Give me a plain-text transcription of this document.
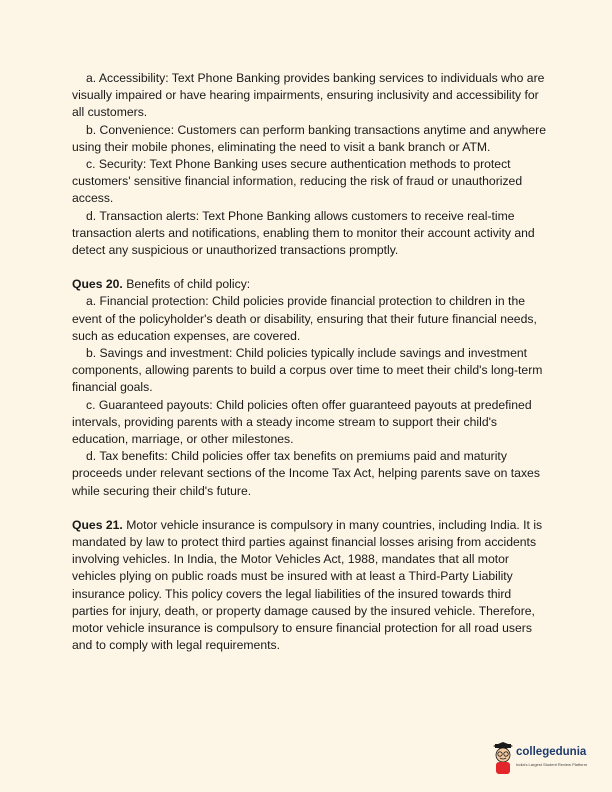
a. Accessibility: Text Phone Banking provides banking services to individuals who are visually impaired or have hearing impairments, ensuring inclusivity and accessibility for all customers.

b. Convenience: Customers can perform banking transactions anytime and anywhere using their mobile phones, eliminating the need to visit a bank branch or ATM.

c. Security: Text Phone Banking uses secure authentication methods to protect customers' sensitive financial information, reducing the risk of fraud or unauthorized access.

d. Transaction alerts: Text Phone Banking allows customers to receive real-time transaction alerts and notifications, enabling them to monitor their account activity and detect any suspicious or unauthorized transactions promptly.

Ques 20. Benefits of child policy:

a. Financial protection: Child policies provide financial protection to children in the event of the policyholder's death or disability, ensuring that their future financial needs, such as education expenses, are covered.

b. Savings and investment: Child policies typically include savings and investment components, allowing parents to build a corpus over time to meet their child's long-term financial goals.

c. Guaranteed payouts: Child policies often offer guaranteed payouts at predefined intervals, providing parents with a steady income stream to support their child's education, marriage, or other milestones.

d. Tax benefits: Child policies offer tax benefits on premiums paid and maturity proceeds under relevant sections of the Income Tax Act, helping parents save on taxes while securing their child's future.

Ques 21. Motor vehicle insurance is compulsory in many countries, including India. It is mandated by law to protect third parties against financial losses arising from accidents involving vehicles. In India, the Motor Vehicles Act, 1988, mandates that all motor vehicles plying on public roads must be insured with at least a Third-Party Liability insurance policy. This policy covers the legal liabilities of the insured towards third parties for injury, death, or property damage caused by the insured vehicle. Therefore, motor vehicle insurance is compulsory to ensure financial protection for all road users and to comply with legal requirements.

collegedunia
India's Largest Student Review Platform
